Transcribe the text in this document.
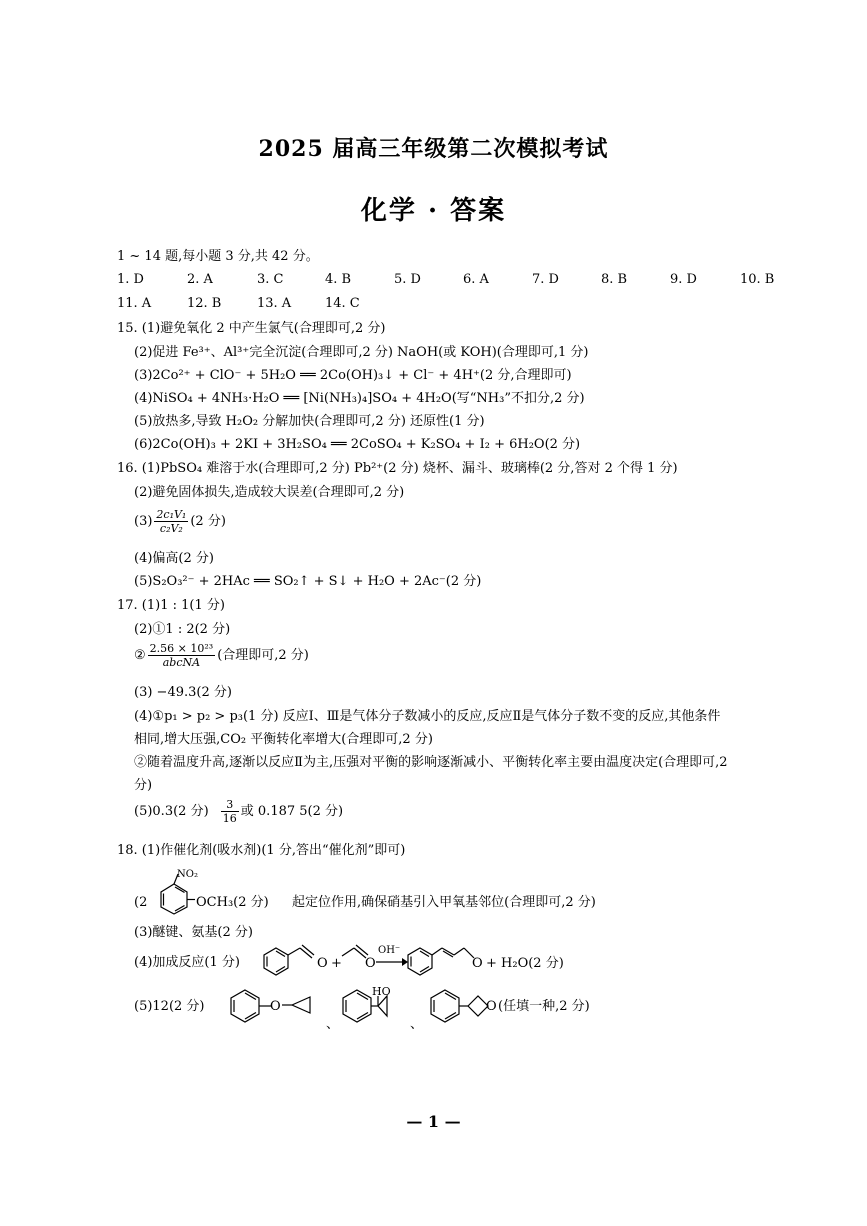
2025 届高三年级第二次模拟考试
化学 · 答案
1 ~ 14 题,每小题 3 分,共 42 分。
1. D	2. A	3. C	4. B	5. D	6. A	7. D	8. B	9. D	10. B
11. A	12. B	13. A	14. C
15. (1)避免氧化 2 中产生氯气(合理即可,2 分)
(2)促进 Fe³⁺、Al³⁺完全沉淀(合理即可,2 分) NaOH(或 KOH)(合理即可,1 分)
(3)2Co²⁺ + ClO⁻ + 5H₂O ══ 2Co(OH)₃↓ + Cl⁻ + 4H⁺(2 分,合理即可)
(4)NiSO₄ + 4NH₃·H₂O ══ [Ni(NH₃)₄]SO₄ + 4H₂O(写“NH₃”不扣分,2 分)
(5)放热多,导致 H₂O₂ 分解加快(合理即可,2 分) 还原性(1 分)
(6)2Co(OH)₃ + 2KI + 3H₂SO₄ ══ 2CoSO₄ + K₂SO₄ + I₂ + 6H₂O(2 分)
16. (1)PbSO₄ 难溶于水(合理即可,2 分) Pb²⁺(2 分) 烧杯、漏斗、玻璃棒(2 分,答对 2 个得 1 分)
(2)避免固体损失,造成较大误差(合理即可,2 分)
$(3) \frac{\text{2c₁V₁}}{\text{c₂V₂}} (2$ 分)
(4)偏高(2 分)
(5)S₂O₃²⁻ + 2HAc ══ SO₂↑ + S↓ + H₂O + 2Ac⁻(2 分)
17. (1)1 : 1(1 分)
(2)①1 : 2(2 分)
② $\frac{\text{2.56 × 10²³}}{\text{abcNA}}$ (合理即可,2 分)
(3) −49.3(2 分)
(4)①p₁ > p₂ > p₃(1 分) 反应Ⅰ、Ⅲ是气体分子数减小的反应,反应Ⅱ是气体分子数不变的反应,其他条件
相同,增大压强,CO₂ 平衡转化率增大(合理即可,2 分)
②随着温度升高,逐渐以反应Ⅱ为主,压强对平衡的影响逐渐减小、平衡转化率主要由温度决定(合理即可,2
分)
(5)0.3(2 分) $\frac{3}{16}$ 或 0.187 5(2 分)
18. (1)作催化剂(吸水剂)(1 分,答出“催化剂”即可)
(2
NO₂
OCH₃(2 分) 起定位作用,确保硝基引入甲氧基邻位(合理即可,2 分)
(3)醚键、氨基(2 分)
(4)加成反应(1 分)	O + O
OH⁻
O + H₂O(2 分)
(5)12(2 分)	O
、
HO
、
O (任填一种,2 分)
— 1 —
